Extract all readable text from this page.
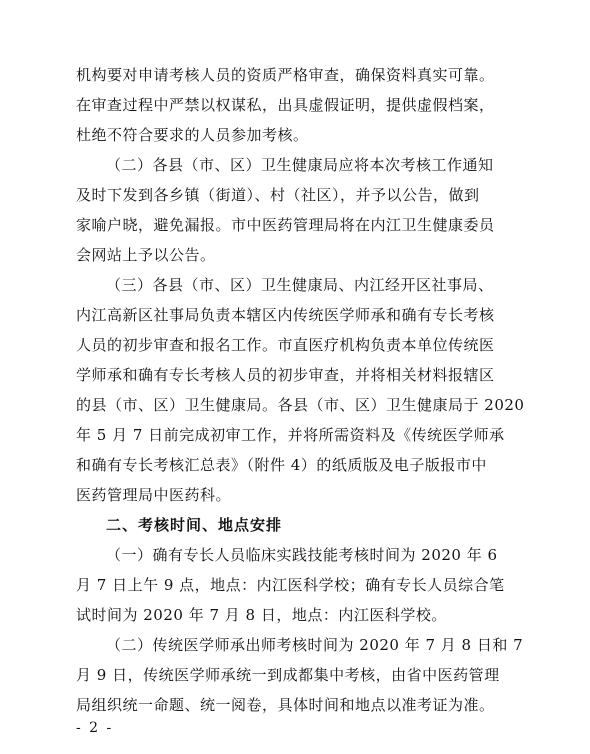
机构要对申请考核人员的资质严格审查，确保资料真实可靠。
在审查过程中严禁以权谋私，出具虚假证明，提供虚假档案，
杜绝不符合要求的人员参加考核。
（二）各县（市、区）卫生健康局应将本次考核工作通知
及时下发到各乡镇（街道）、村（社区），并予以公告，做到
家喻户晓，避免漏报。市中医药管理局将在内江卫生健康委员
会网站上予以公告。
（三）各县（市、区）卫生健康局、内江经开区社事局、
内江高新区社事局负责本辖区内传统医学师承和确有专长考核
人员的初步审查和报名工作。市直医疗机构负责本单位传统医
学师承和确有专长考核人员的初步审查，并将相关材料报辖区
的县（市、区）卫生健康局。各县（市、区）卫生健康局于 2020
年 5 月 7 日前完成初审工作，并将所需资料及《传统医学师承
和确有专长考核汇总表》（附件 4）的纸质版及电子版报市中
医药管理局中医药科。
二、考核时间、地点安排
（一）确有专长人员临床实践技能考核时间为 2020 年 6
月 7 日上午 9 点，地点：内江医科学校；确有专长人员综合笔
试时间为 2020 年 7 月 8 日，地点：内江医科学校。
（二）传统医学师承出师考核时间为 2020 年 7 月 8 日和 7
月 9 日，传统医学师承统一到成都集中考核，由省中医药管理
局组织统一命题、统一阅卷，具体时间和地点以准考证为准。
- 2 -
